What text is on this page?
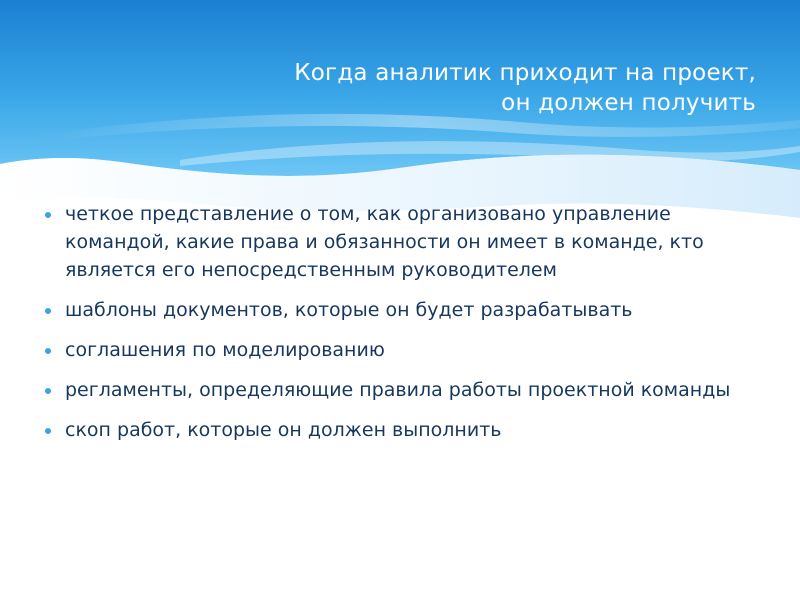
Когда аналитик приходит на проект,
он должен получить
четкое представление о том, как организовано управление командой, какие права и обязанности он имеет в команде, кто является его непосредственным руководителем
шаблоны документов, которые он будет разрабатывать
соглашения по моделированию
регламенты, определяющие правила работы проектной команды
скоп работ, которые он должен выполнить
